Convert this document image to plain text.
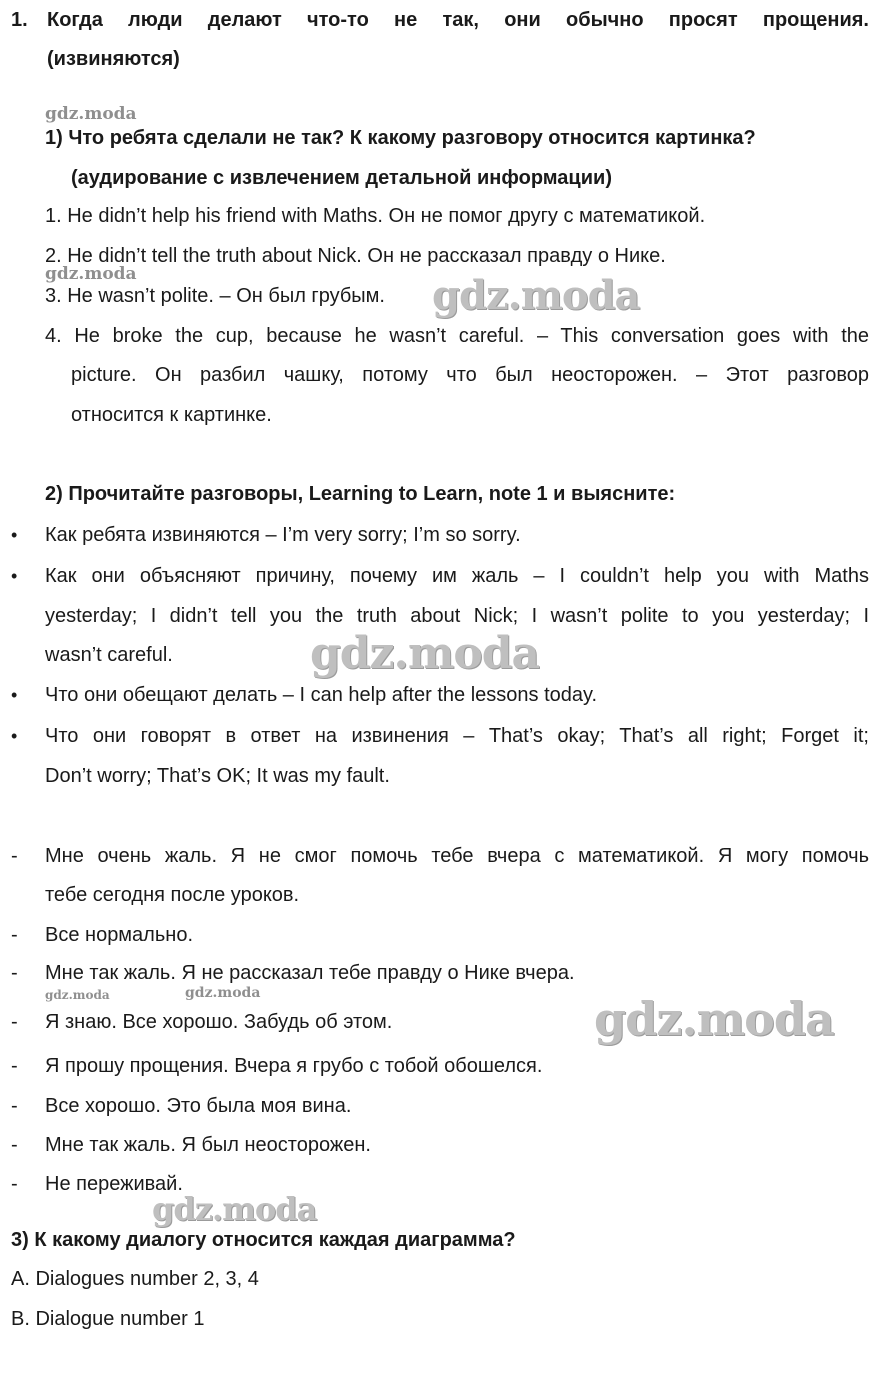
1. Когда люди делают что-то не так, они обычно просят прощения.
(извиняются)
gdz.moda
1) Что ребята сделали не так? К какому разговору относится картинка?
(аудирование с извлечением детальной информации)
1. He didn’t help his friend with Maths. Он не помог другу с математикой.
2. He didn’t tell the truth about Nick. Он не рассказал правду о Нике.
gdz.moda
3. He wasn’t polite. – Он был грубым. gdz.moda
4. He broke the cup, because he wasn’t careful. – This conversation goes with the
picture. Он разбил чашку, потому что был неосторожен. – Этот разговор
относится к картинке.
2) Прочитайте разговоры, Learning to Learn, note 1 и выясните:
• Как ребята извиняются – I’m very sorry; I’m so sorry.
• Как они объясняют причину, почему им жаль – I couldn’t help you with Maths
yesterday; I didn’t tell you the truth about Nick; I wasn’t polite to you yesterday; I
wasn’t careful.	gdz.moda
• Что они обещают делать – I can help after the lessons today.
• Что они говорят в ответ на извинения – That’s okay; That’s all right; Forget it;
Don’t worry; That’s OK; It was my fault.
- Мне очень жаль. Я не смог помочь тебе вчера с математикой. Я могу помочь
тебе сегодня после уроков.
- Все нормально.
- Мне так жаль. Я не рассказал тебе правду о Нике вчера.
gdz.moda	gdz.moda
- Я знаю. Все хорошо. Забудь об этом.	gdz.moda
- Я прошу прощения. Вчера я грубо с тобой обошелся.
- Все хорошо. Это была моя вина.
- Мне так жаль. Я был неосторожен.
- Не переживай.
gdz.moda
3) К какому диалогу относится каждая диаграмма?
A. Dialogues number 2, 3, 4
B. Dialogue number 1
